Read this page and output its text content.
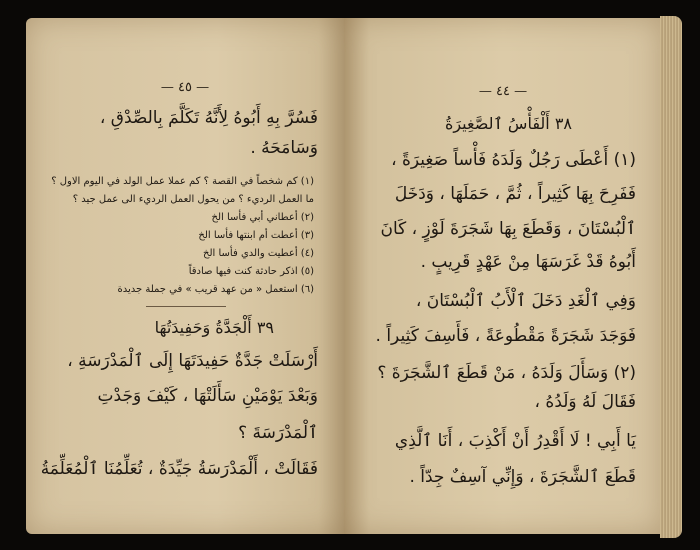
— ٤٥ —
فَسُرَّ بِهِ أَبُوهُ لِأَنَّهُ تَكَلَّمَ بِالصِّدْقِ ،
وَسَامَحَهُ .
(١) كم شخصاً في القصة ؟ كم عملا عمل الولد في اليوم الاول ؟
ما العمل الرديء ؟ من يحول العمل الرديء الى عمل جيد ؟
(٢) أعطاني أبي فأسا الخ
(٣) أعطت أم ابنتها فأسا الخ
(٤) أعطيت والدي فأسا الخ
(٥) اذكر حادثة كنت فيها صادقاً
(٦) استعمل « من عهد قريب » في جملة جديدة
٣٩ أَلْجَدَّةُ وَحَفِيدَتُهَا
أَرْسَلَتْ جَدَّةٌ حَفِيدَتَهَا إِلَى ٱلْمَدْرَسَةِ ،
وَبَعْدَ يَوْمَيْنِ سَأَلَتْهَا ، كَيْفَ وَجَدْتِ
ٱلْمَدْرَسَةَ ؟
فَقَالَتْ ، أَلْمَدْرَسَةُ جَيِّدَةٌ ، تُعَلِّمُنَا ٱلْمُعَلِّمَةُ
— ٤٤ —
٣٨ أَلْفَأْسُ ٱلصَّغِيرَةُ
(١) أَعْطَى رَجُلٌ وَلَدَهُ فَأْساً صَغِيرَةً ،
فَفَرِحَ بِهَا كَثِيراً ، ثُمَّ ، حَمَلَهَا ، وَدَخَلَ
ٱلْبُسْتَانَ ، وَقَطَعَ بِهَا شَجَرَةَ لَوْزٍ ، كَانَ
أَبُوهُ قَدْ غَرَسَهَا مِنْ عَهْدٍ قَرِيبٍ .
وَفِي ٱلْغَدِ دَخَلَ ٱلْأَبُ ٱلْبُسْتَانَ ،
فَوَجَدَ شَجَرَةً مَقْطُوعَةً ، فَأَسِفَ كَثِيراً .
(٢) وَسَأَلَ وَلَدَهُ ، مَنْ قَطَعَ ٱلشَّجَرَةَ ؟
فَقَالَ لَهُ وَلَدُهُ ،
يَا أَبِي ! لَا أَقْدِرُ أَنْ أَكْذِبَ ، أَنَا ٱلَّذِي
قَطَعَ ٱلشَّجَرَةَ ، وَإِنِّي آسِفٌ جِدّاً .
